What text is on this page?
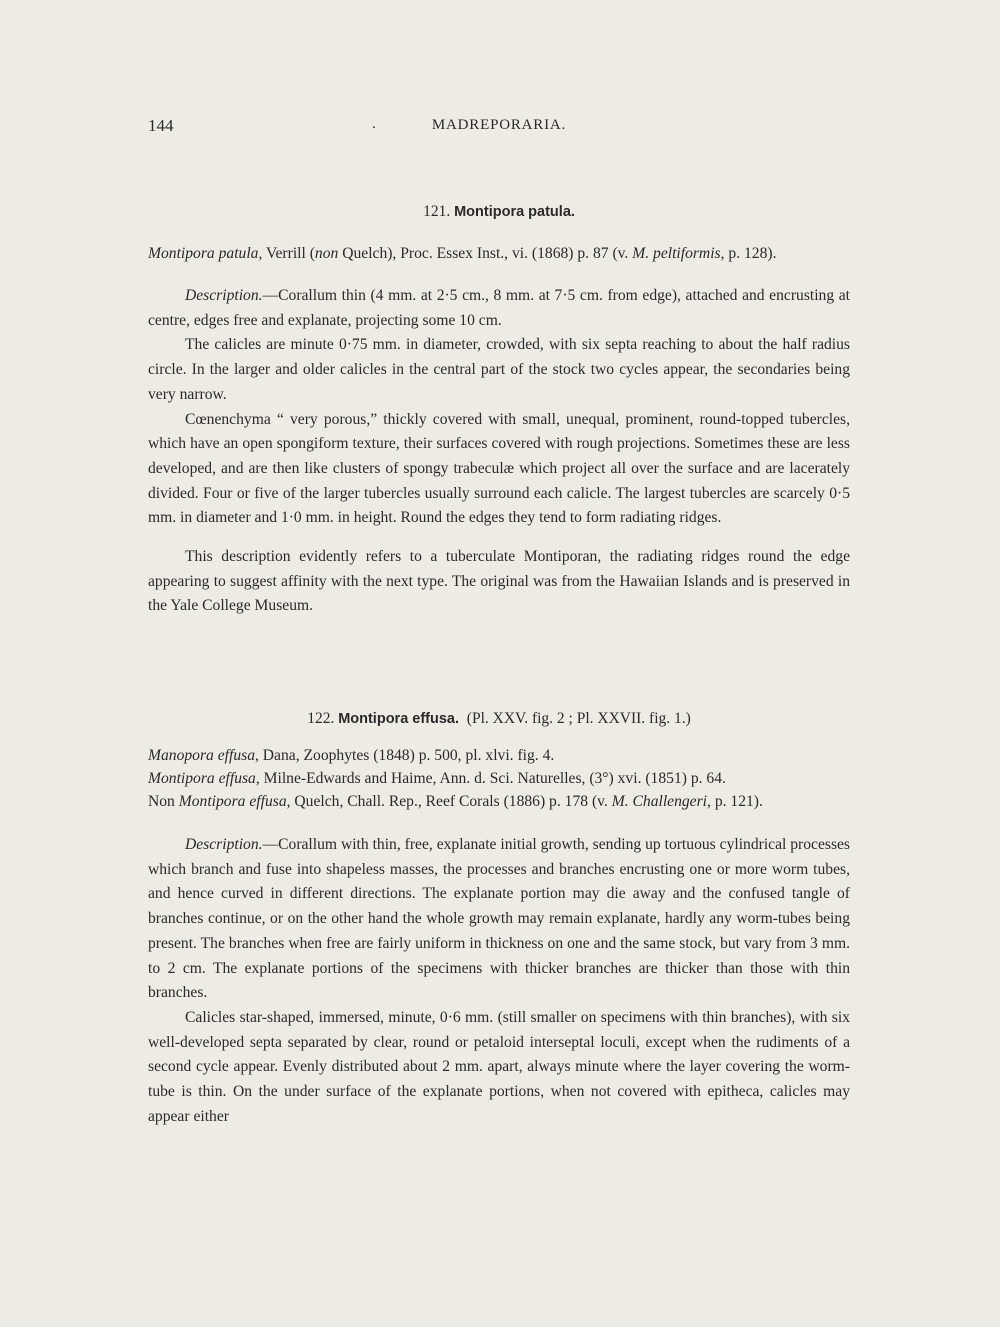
144	.	MADREPORARIA.

121. Montipora patula.

Montipora patula, Verrill (non Quelch), Proc. Essex Inst., vi. (1868) p. 87 (v. M. peltiformis, p. 128).

Description.—Corallum thin (4 mm. at 2·5 cm., 8 mm. at 7·5 cm. from edge), attached and encrusting at centre, edges free and explanate, projecting some 10 cm.

The calicles are minute 0·75 mm. in diameter, crowded, with six septa reaching to about the half radius circle. In the larger and older calicles in the central part of the stock two cycles appear, the secondaries being very narrow.

Cœnenchyma “ very porous,” thickly covered with small, unequal, prominent, round-topped tubercles, which have an open spongiform texture, their surfaces covered with rough projections. Sometimes these are less developed, and are then like clusters of spongy trabeculæ which project all over the surface and are lacerately divided. Four or five of the larger tubercles usually surround each calicle. The largest tubercles are scarcely 0·5 mm. in diameter and 1·0 mm. in height. Round the edges they tend to form radiating ridges.

This description evidently refers to a tuberculate Montiporan, the radiating ridges round the edge appearing to suggest affinity with the next type. The original was from the Hawaiian Islands and is preserved in the Yale College Museum.

122. Montipora effusa. (Pl. XXV. fig. 2 ; Pl. XXVII. fig. 1.)

Manopora effusa, Dana, Zoophytes (1848) p. 500, pl. xlvi. fig. 4.

Montipora effusa, Milne-Edwards and Haime, Ann. d. Sci. Naturelles, (3°) xvi. (1851) p. 64.

Non Montipora effusa, Quelch, Chall. Rep., Reef Corals (1886) p. 178 (v. M. Challengeri, p. 121).

Description.—Corallum with thin, free, explanate initial growth, sending up tortuous cylindrical processes which branch and fuse into shapeless masses, the processes and branches encrusting one or more worm tubes, and hence curved in different directions. The explanate portion may die away and the confused tangle of branches continue, or on the other hand the whole growth may remain explanate, hardly any worm-tubes being present. The branches when free are fairly uniform in thickness on one and the same stock, but vary from 3 mm. to 2 cm. The explanate portions of the specimens with thicker branches are thicker than those with thin branches.

Calicles star-shaped, immersed, minute, 0·6 mm. (still smaller on specimens with thin branches), with six well-developed septa separated by clear, round or petaloid interseptal loculi, except when the rudiments of a second cycle appear. Evenly distributed about 2 mm. apart, always minute where the layer covering the worm-tube is thin. On the under surface of the explanate portions, when not covered with epitheca, calicles may appear either
